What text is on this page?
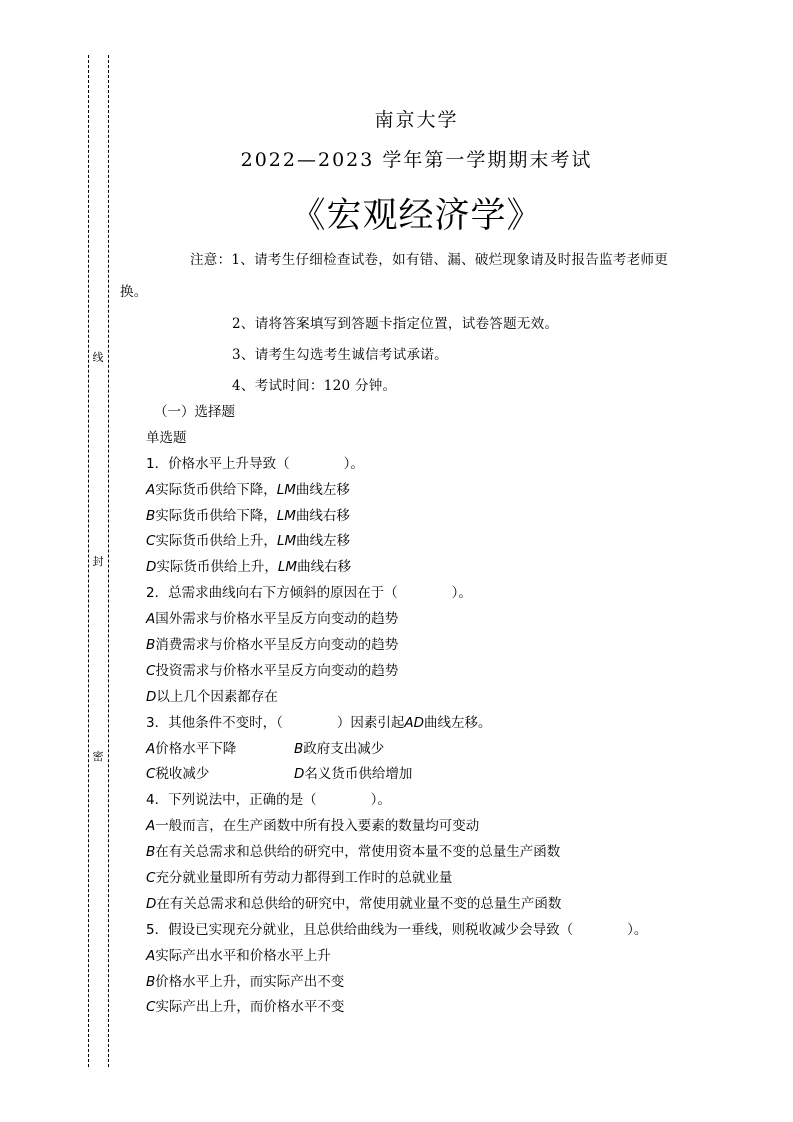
线
封
密
南京大学
2022—2023 学年第一学期期末考试
《宏观经济学》
注意：1、请考生仔细检查试卷，如有错、漏、破烂现象请及时报告监考老师更
换。
2、请将答案填写到答题卡指定位置，试卷答题无效。
3、请考生勾选考生诚信考试承诺。
4、考试时间：120 分钟。
（一）选择题
单选题
1．价格水平上升导致（　　　　）。
A实际货币供给下降，LM曲线左移
B实际货币供给下降，LM曲线右移
C实际货币供给上升，LM曲线左移
D实际货币供给上升，LM曲线右移
2．总需求曲线向右下方倾斜的原因在于（　　　　）。
A国外需求与价格水平呈反方向变动的趋势
B消费需求与价格水平呈反方向变动的趋势
C投资需求与价格水平呈反方向变动的趋势
D以上几个因素都存在
3．其他条件不变时，（　　　　）因素引起AD曲线左移。
A价格水平下降	B政府支出减少
C税收减少	D名义货币供给增加
4．下列说法中，正确的是（　　　　）。
A一般而言，在生产函数中所有投入要素的数量均可变动
B在有关总需求和总供给的研究中，常使用资本量不变的总量生产函数
C充分就业量即所有劳动力都得到工作时的总就业量
D在有关总需求和总供给的研究中，常使用就业量不变的总量生产函数
5．假设已实现充分就业，且总供给曲线为一垂线，则税收减少会导致（　　　　）。
A实际产出水平和价格水平上升
B价格水平上升，而实际产出不变
C实际产出上升，而价格水平不变
